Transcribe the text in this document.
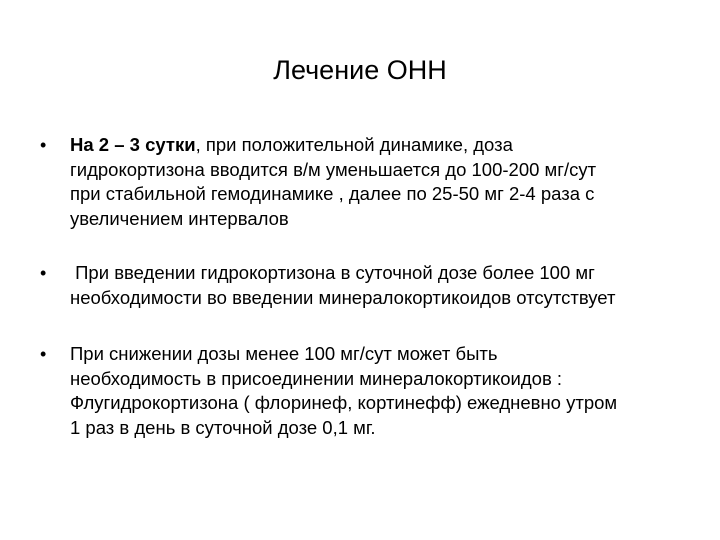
Лечение ОНН
• На 2 – 3 сутки, при положительной динамике, доза
гидрокортизона вводится в/м уменьшается до 100-200 мг/сут
при стабильной гемодинамике , далее по 25-50 мг 2-4 раза с
увеличением интервалов
• При введении гидрокортизона в суточной дозе более 100 мг
необходимости во введении минералокортикоидов отсутствует
• При снижении дозы менее 100 мг/сут может быть
необходимость в присоединении минералокортикоидов :
Флугидрокортизона ( флоринеф, кортинефф) ежедневно утром
1 раз в день в суточной дозе 0,1 мг.
